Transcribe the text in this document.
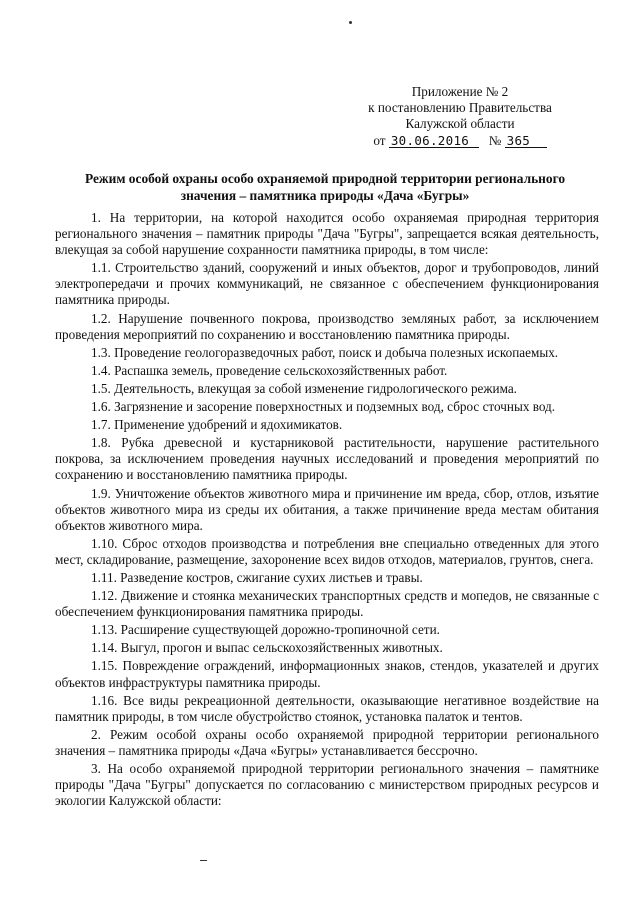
Приложение № 2
к постановлению Правительства
Калужской области
от 30.06.2016 № 365
Режим особой охраны особо охраняемой природной территории регионального
значения – памятника природы «Дача «Бугры»

1. На территории, на которой находится особо охраняемая природная территория регионального значения – памятник природы "Дача "Бугры", запрещается всякая деятельность, влекущая за собой нарушение сохранности памятника природы, в том числе:

1.1. Строительство зданий, сооружений и иных объектов, дорог и трубопроводов, линий электропередачи и прочих коммуникаций, не связанное с обеспечением функционирования памятника природы.

1.2. Нарушение почвенного покрова, производство земляных работ, за исключением проведения мероприятий по сохранению и восстановлению памятника природы.

1.3. Проведение геологоразведочных работ, поиск и добыча полезных ископаемых.

1.4. Распашка земель, проведение сельскохозяйственных работ.

1.5. Деятельность, влекущая за собой изменение гидрологического режима.

1.6. Загрязнение и засорение поверхностных и подземных вод, сброс сточных вод.

1.7. Применение удобрений и ядохимикатов.

1.8. Рубка древесной и кустарниковой растительности, нарушение растительного покрова, за исключением проведения научных исследований и проведения мероприятий по сохранению и восстановлению памятника природы.

1.9. Уничтожение объектов животного мира и причинение им вреда, сбор, отлов, изъятие объектов животного мира из среды их обитания, а также причинение вреда местам обитания объектов животного мира.

1.10. Сброс отходов производства и потребления вне специально отведенных для этого мест, складирование, размещение, захоронение всех видов отходов, материалов, грунтов, снега.

1.11. Разведение костров, сжигание сухих листьев и травы.

1.12. Движение и стоянка механических транспортных средств и мопедов, не связанные с обеспечением функционирования памятника природы.

1.13. Расширение существующей дорожно-тропиночной сети.

1.14. Выгул, прогон и выпас сельскохозяйственных животных.

1.15. Повреждение ограждений, информационных знаков, стендов, указателей и других объектов инфраструктуры памятника природы.

1.16. Все виды рекреационной деятельности, оказывающие негативное воздействие на памятник природы, в том числе обустройство стоянок, установка палаток и тентов.

2. Режим особой охраны особо охраняемой природной территории регионального значения – памятника природы «Дача «Бугры» устанавливается бессрочно.

3. На особо охраняемой природной территории регионального значения – памятнике природы "Дача "Бугры" допускается по согласованию с министерством природных ресурсов и экологии Калужской области:
